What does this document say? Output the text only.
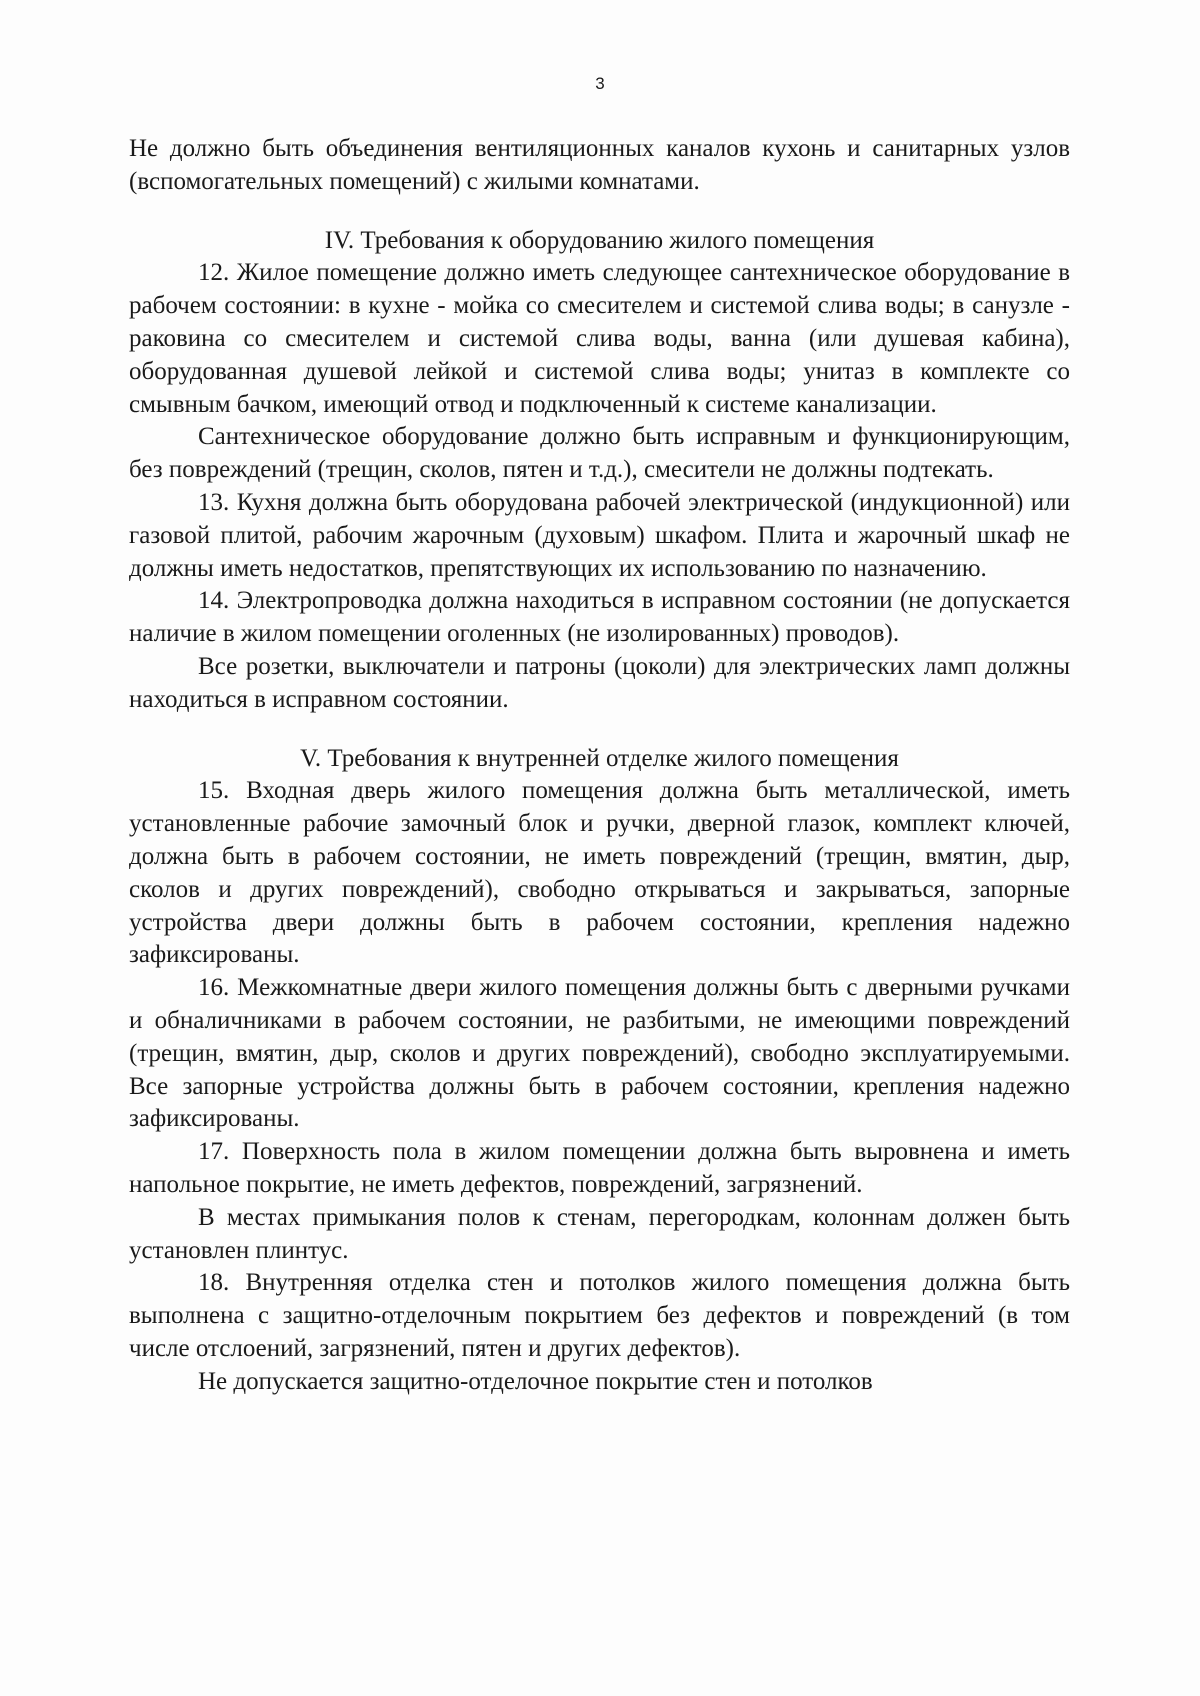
3

Не должно быть объединения вентиляционных каналов кухонь и санитарных узлов (вспомогательных помещений) с жилыми комнатами.

IV. Требования к оборудованию жилого помещения

12. Жилое помещение должно иметь следующее сантехническое оборудование в рабочем состоянии: в кухне - мойка со смесителем и системой слива воды; в санузле - раковина со смесителем и системой слива воды, ванна (или душевая кабина), оборудованная душевой лейкой и системой слива воды; унитаз в комплекте со смывным бачком, имеющий отвод и подключенный к системе канализации.

Сантехническое оборудование должно быть исправным и функционирующим, без повреждений (трещин, сколов, пятен и т.д.), смесители не должны подтекать.

13. Кухня должна быть оборудована рабочей электрической (индукционной) или газовой плитой, рабочим жарочным (духовым) шкафом. Плита и жарочный шкаф не должны иметь недостатков, препятствующих их использованию по назначению.

14. Электропроводка должна находиться в исправном состоянии (не допускается наличие в жилом помещении оголенных (не изолированных) проводов).

Все розетки, выключатели и патроны (цоколи) для электрических ламп должны находиться в исправном состоянии.

V. Требования к внутренней отделке жилого помещения

15. Входная дверь жилого помещения должна быть металлической, иметь установленные рабочие замочный блок и ручки, дверной глазок, комплект ключей, должна быть в рабочем состоянии, не иметь повреждений (трещин, вмятин, дыр, сколов и других повреждений), свободно открываться и закрываться, запорные устройства двери должны быть в рабочем состоянии, крепления надежно зафиксированы.

16. Межкомнатные двери жилого помещения должны быть с дверными ручками и обналичниками в рабочем состоянии, не разбитыми, не имеющими повреждений (трещин, вмятин, дыр, сколов и других повреждений), свободно эксплуатируемыми. Все запорные устройства должны быть в рабочем состоянии, крепления надежно зафиксированы.

17. Поверхность пола в жилом помещении должна быть выровнена и иметь напольное покрытие, не иметь дефектов, повреждений, загрязнений.

В местах примыкания полов к стенам, перегородкам, колоннам должен быть установлен плинтус.

18. Внутренняя отделка стен и потолков жилого помещения должна быть выполнена с защитно-отделочным покрытием без дефектов и повреждений (в том числе отслоений, загрязнений, пятен и других дефектов).

Не допускается защитно-отделочное покрытие стен и потолков
